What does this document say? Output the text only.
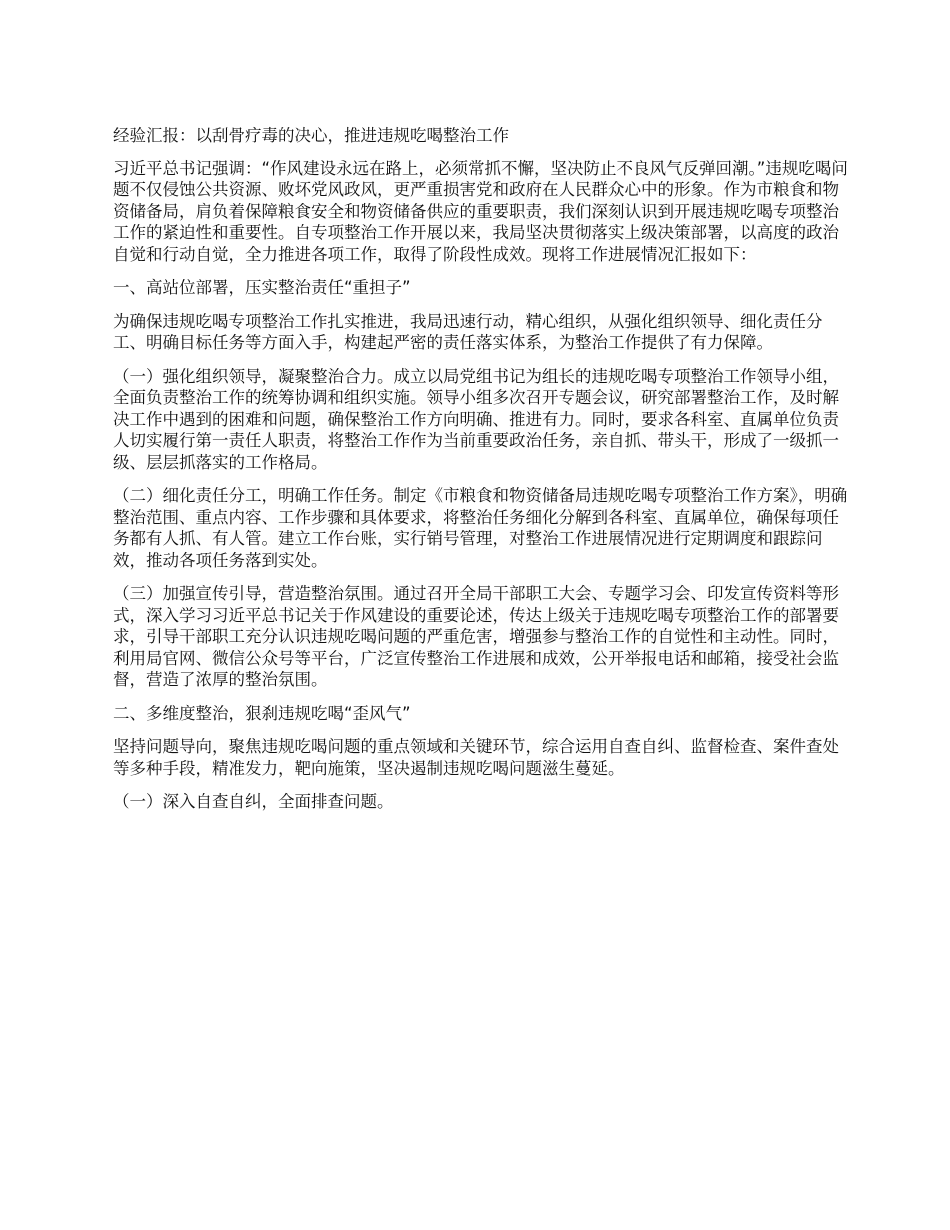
经验汇报：以刮骨疗毒的决心，推进违规吃喝整治工作

习近平总书记强调：“作风建设永远在路上，必须常抓不懈，坚决防止不良风气反弹回潮。”违规吃喝问题不仅侵蚀公共资源、败坏党风政风，更严重损害党和政府在人民群众心中的形象。作为市粮食和物资储备局，肩负着保障粮食安全和物资储备供应的重要职责，我们深刻认识到开展违规吃喝专项整治工作的紧迫性和重要性。自专项整治工作开展以来，我局坚决贯彻落实上级决策部署，以高度的政治自觉和行动自觉，全力推进各项工作，取得了阶段性成效。现将工作进展情况汇报如下：

一、高站位部署，压实整治责任“重担子”

为确保违规吃喝专项整治工作扎实推进，我局迅速行动，精心组织，从强化组织领导、细化责任分工、明确目标任务等方面入手，构建起严密的责任落实体系，为整治工作提供了有力保障。

（一）强化组织领导，凝聚整治合力。成立以局党组书记为组长的违规吃喝专项整治工作领导小组，全面负责整治工作的统筹协调和组织实施。领导小组多次召开专题会议，研究部署整治工作，及时解决工作中遇到的困难和问题，确保整治工作方向明确、推进有力。同时，要求各科室、直属单位负责人切实履行第一责任人职责，将整治工作作为当前重要政治任务，亲自抓、带头干，形成了一级抓一级、层层抓落实的工作格局。

（二）细化责任分工，明确工作任务。制定《市粮食和物资储备局违规吃喝专项整治工作方案》，明确整治范围、重点内容、工作步骤和具体要求，将整治任务细化分解到各科室、直属单位，确保每项任务都有人抓、有人管。建立工作台账，实行销号管理，对整治工作进展情况进行定期调度和跟踪问效，推动各项任务落到实处。

（三）加强宣传引导，营造整治氛围。通过召开全局干部职工大会、专题学习会、印发宣传资料等形式，深入学习习近平总书记关于作风建设的重要论述，传达上级关于违规吃喝专项整治工作的部署要求，引导干部职工充分认识违规吃喝问题的严重危害，增强参与整治工作的自觉性和主动性。同时，利用局官网、微信公众号等平台，广泛宣传整治工作进展和成效，公开举报电话和邮箱，接受社会监督，营造了浓厚的整治氛围。

二、多维度整治，狠刹违规吃喝“歪风气”

坚持问题导向，聚焦违规吃喝问题的重点领域和关键环节，综合运用自查自纠、监督检查、案件查处等多种手段，精准发力，靶向施策，坚决遏制违规吃喝问题滋生蔓延。

（一）深入自查自纠，全面排查问题。
